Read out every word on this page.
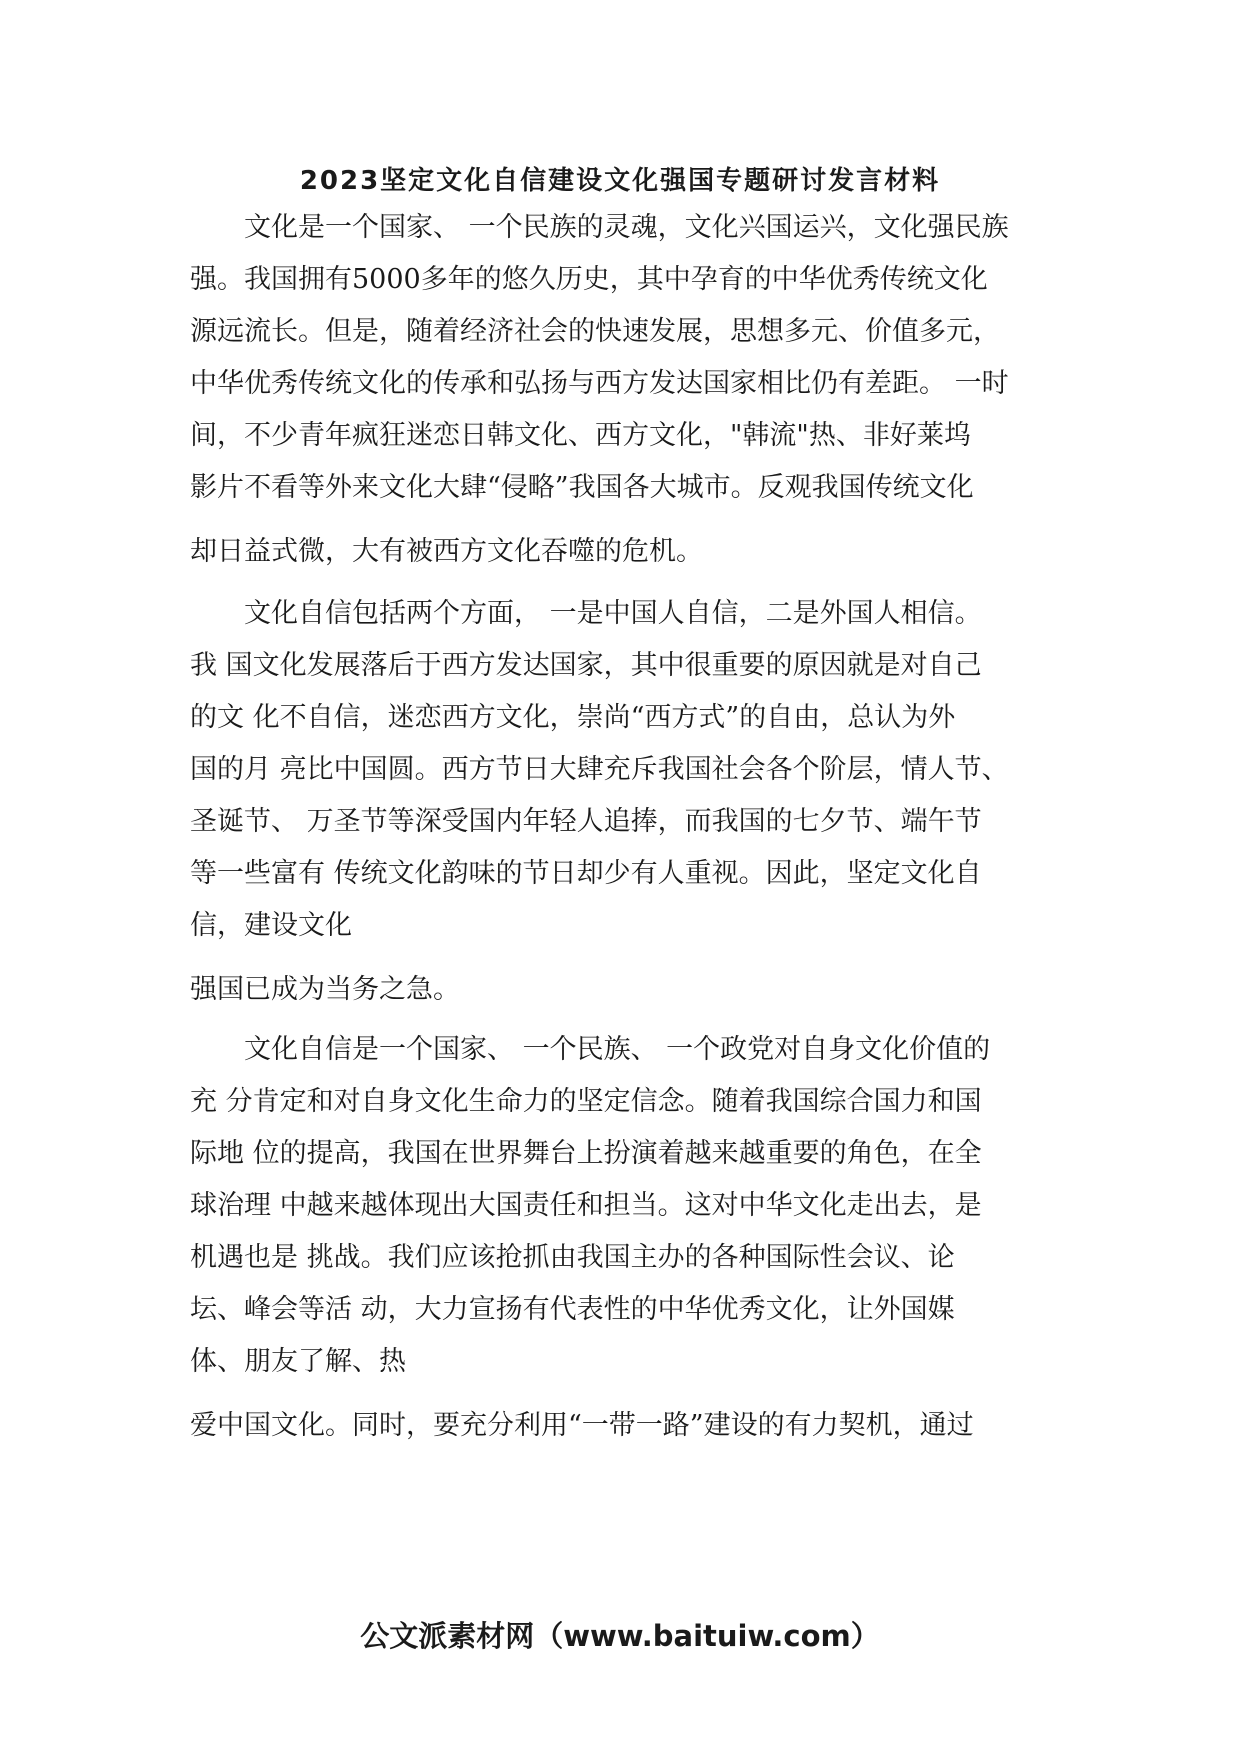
2023坚定文化自信建设文化强国专题研讨发言材料
　　文化是一个国家、 一个民族的灵魂，文化兴国运兴，文化强民族
强。我国拥有5000多年的悠久历史，其中孕育的中华优秀传统文化
源远流长。但是，随着经济社会的快速发展，思想多元、价值多元，
中华优秀传统文化的传承和弘扬与西方发达国家相比仍有差距。 一时
间，不少青年疯狂迷恋日韩文化、西方文化，"韩流"热、非好莱坞
影片不看等外来文化大肆“侵略”我国各大城市。反观我国传统文化
却日益式微，大有被西方文化吞噬的危机。
　　文化自信包括两个方面， 一是中国人自信，二是外国人相信。
我 国文化发展落后于西方发达国家，其中很重要的原因就是对自己
的文 化不自信，迷恋西方文化，崇尚“西方式”的自由，总认为外
国的月 亮比中国圆。西方节日大肆充斥我国社会各个阶层，情人节、
圣诞节、 万圣节等深受国内年轻人追捧，而我国的七夕节、端午节
等一些富有 传统文化韵味的节日却少有人重视。因此，坚定文化自
信，建设文化
强国已成为当务之急。
　　文化自信是一个国家、 一个民族、 一个政党对自身文化价值的
充 分肯定和对自身文化生命力的坚定信念。随着我国综合国力和国
际地 位的提高，我国在世界舞台上扮演着越来越重要的角色，在全
球治理 中越来越体现出大国责任和担当。这对中华文化走出去，是
机遇也是 挑战。我们应该抢抓由我国主办的各种国际性会议、论
坛、峰会等活 动，大力宣扬有代表性的中华优秀文化，让外国媒
体、朋友了解、热
爱中国文化。同时，要充分利用“一带一路”建设的有力契机，通过
公文派素材网（www.baituiw.com）
